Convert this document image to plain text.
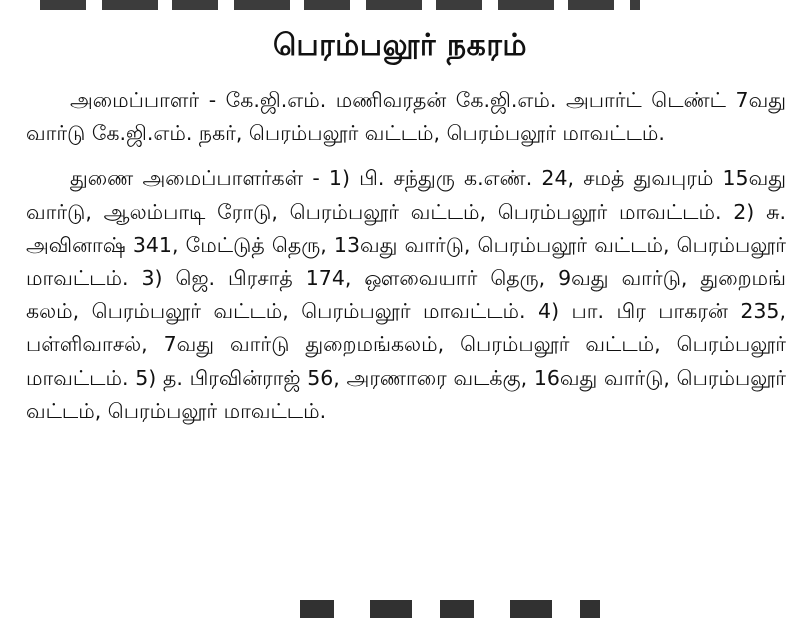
பெரம்பலூர் நகரம்

அமைப்பாளர் - கே.ஜி.எம். மணிவரதன் கே.ஜி.எம். அபார்ட் டெண்ட் 7வது வார்டு கே.ஜி.எம். நகர், பெரம்பலூர் வட்டம், பெரம்பலூர் மாவட்டம்.

துணை அமைப்பாளர்கள் - 1) பி. சந்துரு க.எண். 24, சமத் துவபுரம் 15வது வார்டு, ஆலம்பாடி ரோடு, பெரம்பலூர் வட்டம், பெரம்பலூர் மாவட்டம். 2) சு. அவினாஷ் 341, மேட்டுத் தெரு, 13வது வார்டு, பெரம்பலூர் வட்டம், பெரம்பலூர் மாவட்டம். 3) ஜெ. பிரசாத் 174, ஔவையார் தெரு, 9வது வார்டு, துறைமங் கலம், பெரம்பலூர் வட்டம், பெரம்பலூர் மாவட்டம். 4) பா. பிர பாகரன் 235, பள்ளிவாசல், 7வது வார்டு துறைமங்கலம், பெரம்பலூர் வட்டம், பெரம்பலூர் மாவட்டம். 5) த. பிரவின்ராஜ் 56, அரணாரை வடக்கு, 16வது வார்டு, பெரம்பலூர் வட்டம், பெரம்பலூர் மாவட்டம்.
